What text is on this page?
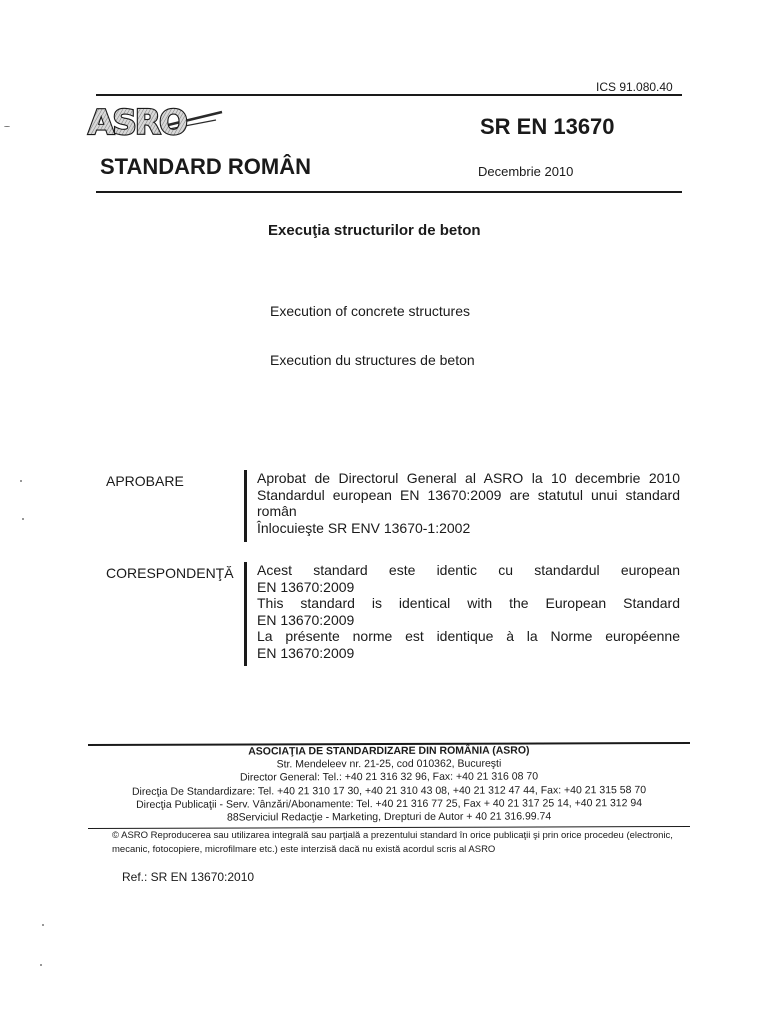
ICS 91.080.40
ASRO	SR EN 13670
STANDARD ROMÂN	Decembrie 2010
Execuţia structurilor de beton
Execution of concrete structures
Execution du structures de beton
APROBARE	Aprobat de Directorul General al ASRO la 10 decembrie 2010
Standardul european EN 13670:2009 are statutul unui standard
român
Înlocuieşte SR ENV 13670-1:2002
CORESPONDENŢĂ Acest standard este identic cu standardul european
EN 13670:2009
This standard is identical with the European Standard
EN 13670:2009
La présente norme est identique à la Norme européenne
EN 13670:2009
ASOCIAŢIA DE STANDARDIZARE DIN ROMÂNIA (ASRO)
Str. Mendeleev nr. 21-25, cod 010362, Bucureşti
Director General: Tel.: +40 21 316 32 96, Fax: +40 21 316 08 70
Direcţia De Standardizare: Tel. +40 21 310 17 30, +40 21 310 43 08, +40 21 312 47 44, Fax: +40 21 315 58 70
Direcţia Publicaţii - Serv. Vânzări/Abonamente: Tel. +40 21 316 77 25, Fax + 40 21 317 25 14, +40 21 312 94
88Serviciul Redacţie - Marketing, Drepturi de Autor + 40 21 316.99.74
© ASRO Reproducerea sau utilizarea integrală sau parţială a prezentului standard în orice publicaţii şi prin orice procedeu (electronic, mecanic, fotocopiere, microfilmare etc.) este interzisă dacă nu există acordul scris al ASRO
Ref.: SR EN 13670:2010
